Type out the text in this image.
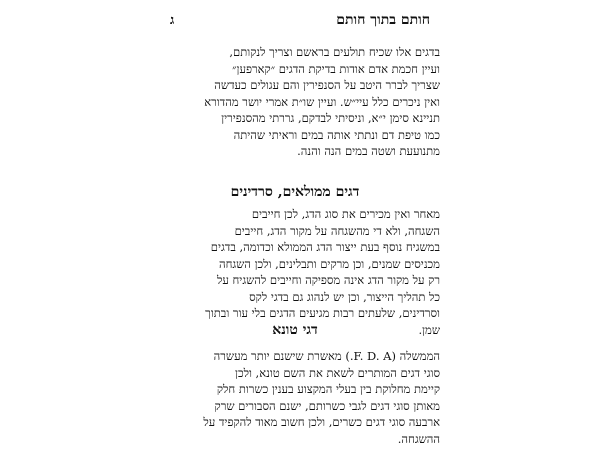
חותם בתוך חותם
ג
בדגים אלו שכיח תולעים בראשם וצריך לנקותם,
ועיין חכמת אדם אודות בדיקת הדגים ״קארפען״
שצריך לברר היטב על הסנפירין והם עגולים כעדשה
ואין ניכרים כלל עיי״ש. ועיין שו״ת אמרי יושר מהדורא
תניינא סימן י״א, וניסיתי לבדקם, גררתי מהסנפירין
כמו טיפת דם ונתתי אותה במים וראיתי שהיתה
מתנועעת ושטה במים הנה והנה.
דגים ממולאים, סרדינים
מאחר ואין מכירים את סוג הדג, לכן חייבים
השגחה, ולא די מהשגחה על מקור הדג, חייבים
במשגיח נוסף בעת ייצור הדג הממולא וכדומה, בדגים
מכניסים שמנים, וכן מרקים ותבלינים, ולכן השגחה
רק על מקור הדג אינה מספיקה וחייבים להשגיח על
כל תהליך הייצור, וכן יש לנהוג גם בדגי לקס
וסרדינים, שלעתים רבות מגיעים הדגים בלי עור ובתוך
שמן.
דגי טונא
הממשלה (F. D. A.) מאשרת שישנם יותר מעשרה
סוגי דגים המותרים לשאת את השם טונא, ולכן
קיימת מחלוקת בין בעלי המקצוע בענין כשרות חלק
מאותן סוגי דגים לגבי כשרותם, ישנם הסבורים שרק
ארבעה סוגי דגים כשרים, ולכן חשוב מאוד להקפיד על
ההשגחה.
